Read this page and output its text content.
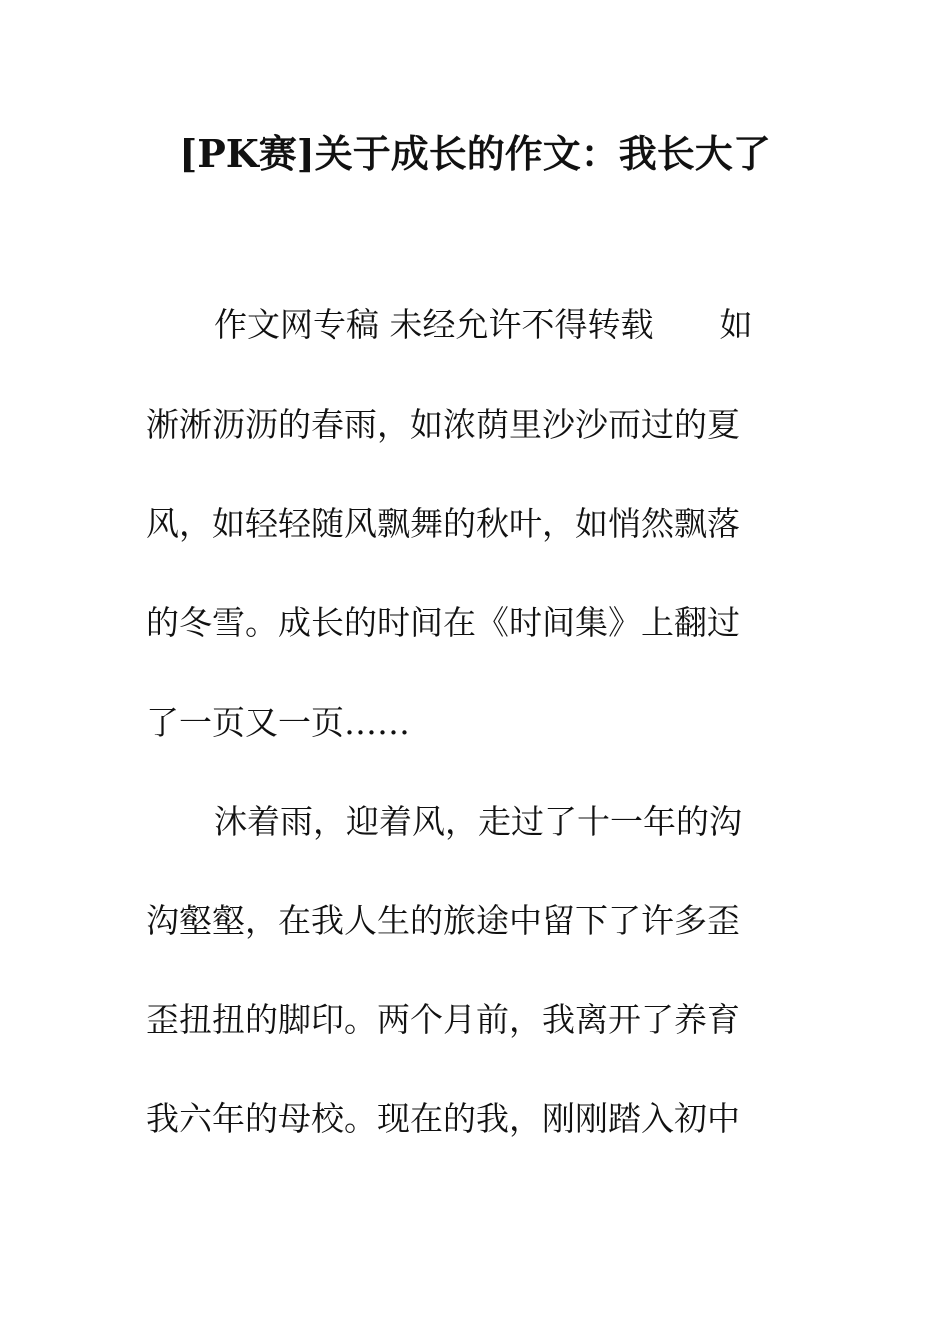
[PK赛]关于成长的作文：我长大了
作文网专稿 未经允许不得转载 如
淅淅沥沥的春雨，如浓荫里沙沙而过的夏
风，如轻轻随风飘舞的秋叶，如悄然飘落
的冬雪。成长的时间在《时间集》上翻过
了一页又一页……
沐着雨，迎着风，走过了十一年的沟
沟壑壑，在我人生的旅途中留下了许多歪
歪扭扭的脚印。两个月前，我离开了养育
我六年的母校。现在的我，刚刚踏入初中
